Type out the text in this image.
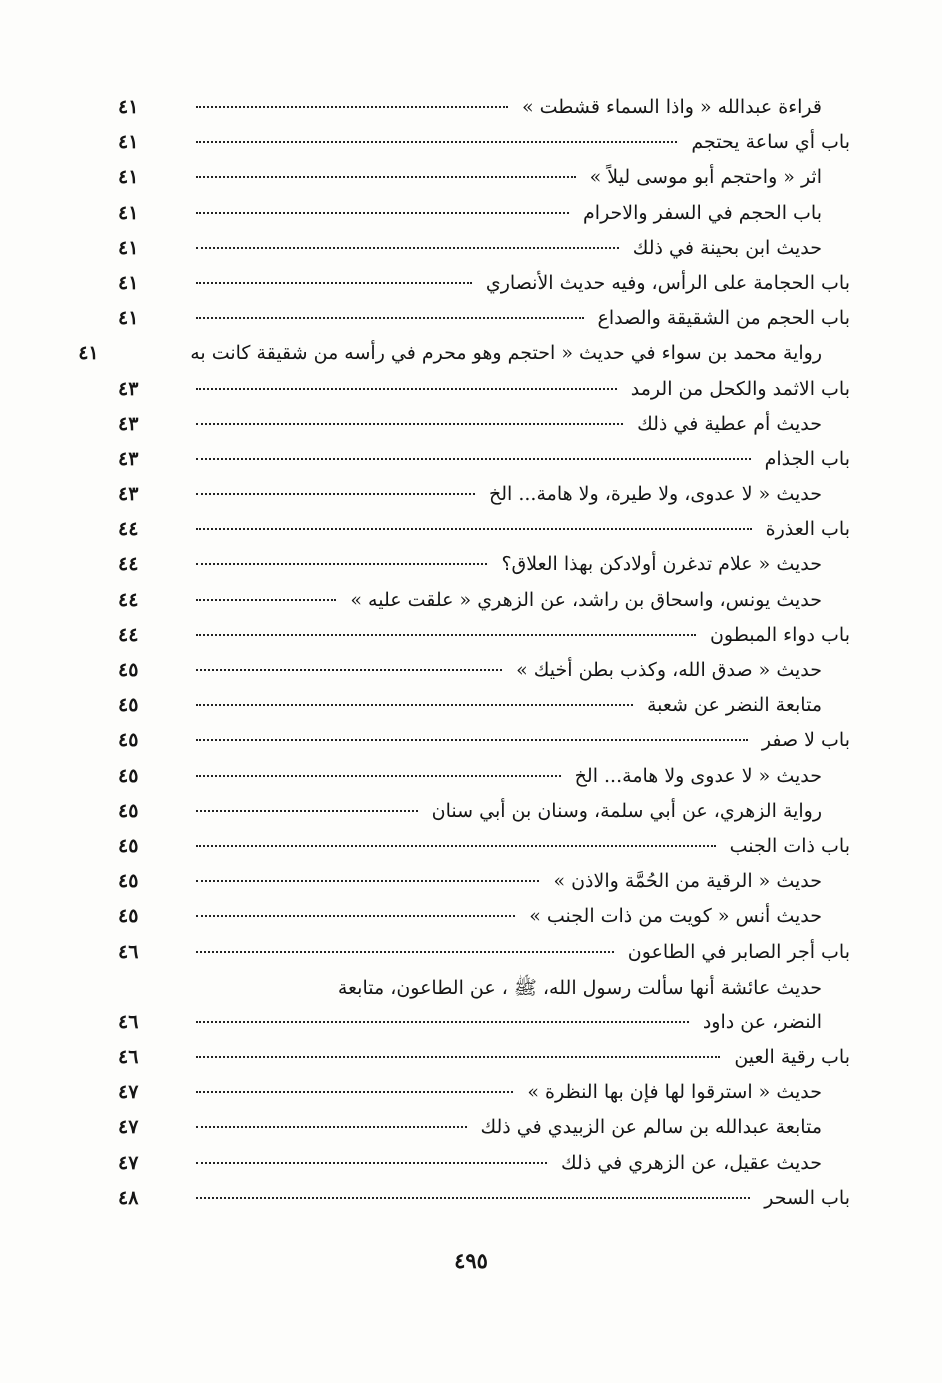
قراءة عبدالله « واذا السماء قشطت »
٤١
باب أي ساعة يحتجم
٤١
اثر « واحتجم أبو موسى ليلاً »
٤١
باب الحجم في السفر والاحرام
٤١
حديث ابن بحينة في ذلك
٤١
باب الحجامة على الرأس، وفيه حديث الأنصاري
٤١
باب الحجم من الشقيقة والصداع
٤١
رواية محمد بن سواء في حديث « احتجم وهو محرم في رأسه من شقيقة كانت به
٤١
باب الاثمد والكحل من الرمد
٤٣
حديث أم عطية في ذلك
٤٣
باب الجذام
٤٣
حديث « لا عدوى، ولا طيرة، ولا هامة... الخ
٤٣
باب العذرة
٤٤
حديث « علام تدغرن أولادكن بهذا العلاق؟
٤٤
حديث يونس، واسحاق بن راشد، عن الزهري « علقت عليه »
٤٤
باب دواء المبطون
٤٤
حديث « صدق الله، وكذب بطن أخيك »
٤٥
متابعة النضر عن شعبة
٤٥
باب لا صفر
٤٥
حديث « لا عدوى ولا هامة... الخ
٤٥
رواية الزهري، عن أبي سلمة، وسنان بن أبي سنان
٤٥
باب ذات الجنب
٤٥
حديث « الرقية من الحُمَّة والاذن »
٤٥
حديث أنس « كويت من ذات الجنب »
٤٥
باب أجر الصابر في الطاعون
٤٦
حديث عائشة أنها سألت رسول الله، ﷺ ، عن الطاعون، متابعة
النضر، عن داود
٤٦
باب رقية العين
٤٦
حديث « استرقوا لها فإن بها النظرة »
٤٧
متابعة عبدالله بن سالم عن الزبيدي في ذلك
٤٧
حديث عقيل، عن الزهري في ذلك
٤٧
باب السحر
٤٨
٤٩٥
